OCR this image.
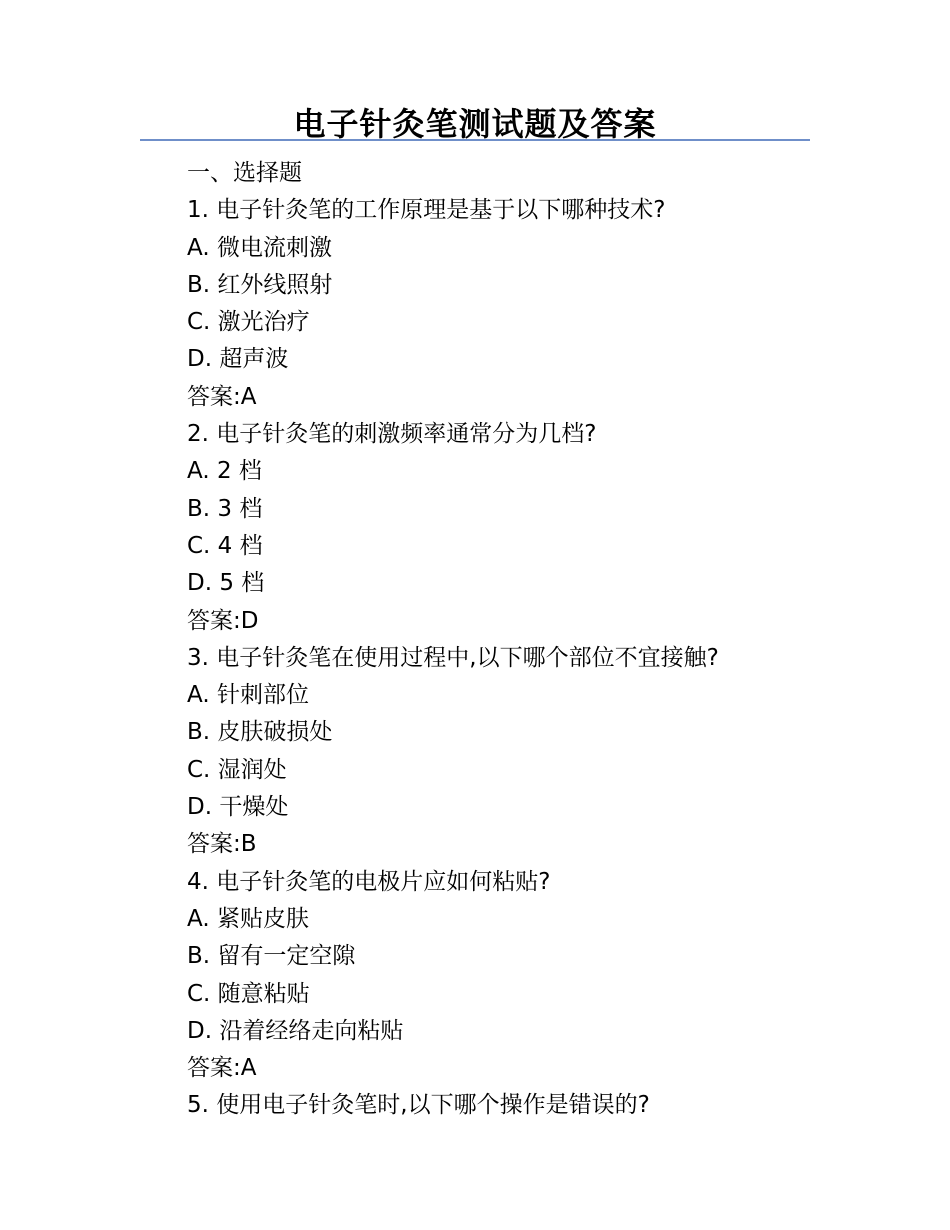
电子针灸笔测试题及答案
一、选择题
1. 电子针灸笔的工作原理是基于以下哪种技术?
A. 微电流刺激
B. 红外线照射
C. 激光治疗
D. 超声波
答案:A
2. 电子针灸笔的刺激频率通常分为几档?
A. 2 档
B. 3 档
C. 4 档
D. 5 档
答案:D
3. 电子针灸笔在使用过程中,以下哪个部位不宜接触?
A. 针刺部位
B. 皮肤破损处
C. 湿润处
D. 干燥处
答案:B
4. 电子针灸笔的电极片应如何粘贴?
A. 紧贴皮肤
B. 留有一定空隙
C. 随意粘贴
D. 沿着经络走向粘贴
答案:A
5. 使用电子针灸笔时,以下哪个操作是错误的?
